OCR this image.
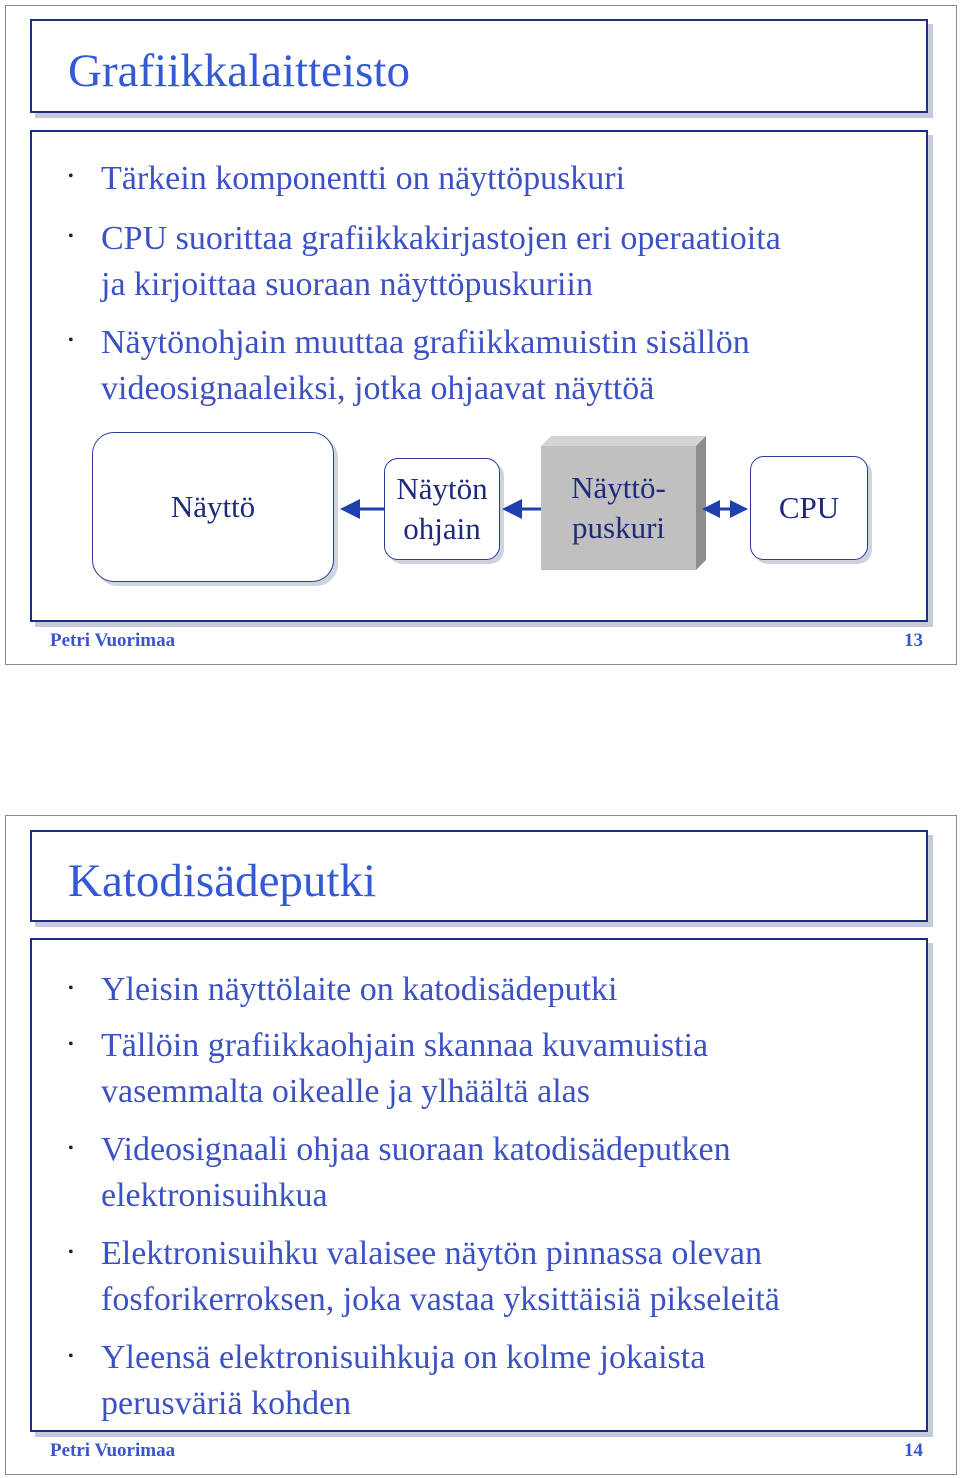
Grafiikkalaitteisto
• Tärkein komponentti on näyttöpuskuri
• CPU suorittaa grafiikkakirjastojen eri operaatioita
ja kirjoittaa suoraan näyttöpuskuriin
• Näytönohjain muuttaa grafiikkamuistin sisällön
videosignaaleiksi, jotka ohjaavat näyttöä
Näyttö
Näytön
ohjain
Näyttö-
puskuri
CPU
Petri Vuorimaa	13
Katodisädeputki
• Yleisin näyttölaite on katodisädeputki
• Tällöin grafiikkaohjain skannaa kuvamuistia
vasemmalta oikealle ja ylhäältä alas
• Videosignaali ohjaa suoraan katodisädeputken
elektronisuihkua
• Elektronisuihku valaisee näytön pinnassa olevan
fosforikerroksen, joka vastaa yksittäisiä pikseleitä
• Yleensä elektronisuihkuja on kolme jokaista
perusväriä kohden
Petri Vuorimaa	14
